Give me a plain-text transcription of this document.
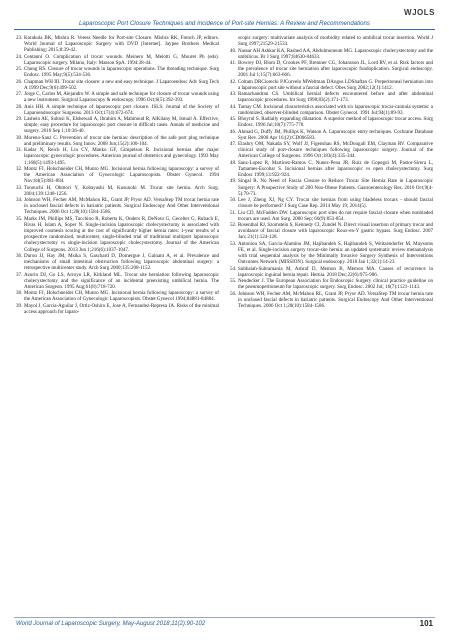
WJOLS
Laparoscopic Port Closure Techniques and Incidence of Port-site Hernias: A Review and Recommendations

23. Kotakula BK, Mishra R. Veress Needle for Port-site Closure. Mishra RK, French JP, editors. World Journal of Laparoscopic Surgery with DVD [Internet]. Jaypee Brothers Medical Publishing; 2015;8:39-42.

24. Centanni O. Complication of trocar wounds. Meinero M, Melotti G, Mouret Ph (eds). Laparoscopic surgery. Milano, Italy: Masson SpA. 1994:38-44.

25. Chung RS. Closure of trocar wounds in laparoscopic operations. The threading technique. Surg Endosc. 1995 May;9(5):534-536.

26. Chapman WH III. Trocar site closure: a new and easy technique. J Laparoendosc Adv Surg Tech A 1999 Dec;9(6):499-502.

27. Jorge C, Carlos M, Alejandro W. A simple and safe technique for closure of trocar wounds using a new instrument. Surgical Laparoscopy & endoscopy. 1996 Oct;6(5):392-393.

28. Anis HH. A simple technique of laparoscopic port closure. JSLS: Journal of the Society of Laparoendoscopic Surgeons. 2013 Oct;17(4):672-674.

29. Lashein AE, Sultosi K, Elshewail A, Ibrahim A, Mahmoud R, AlKilany M, Ismail A. Effective, simple, easy procedure for laparoscopic port closure in difficult cases. Annals of medicine and surgery. 2016 Sep 1;10:36-40.

30. Moreno-Sanz C. Prevention of trocar site hernias: description of the safe port plug technique and preliminary results. Surg Innov. 2008 Jun;15(2):100-104.

31. Kadar N, Reich H, Liu CY, Manko GF, Gimpelson R. Incisional hernias after major laparoscopic gynecologic procedures. American journal of obstetrics and gynecology. 1993 May 1;168(5):1493-1495.

32. Montz FJ, Holschneider CH, Munro MG. Incisional hernia following laparoscopy: a survey of the American Association of Gynecologic Laparoscopists. Obstet Gynecol. 1994 Nov;84(5):881-884.

33. Tonouchi H, Ohmori Y, Kobayashi M, Kusunoki M. Trocar site hernia. Arch Surg. 2004;139:1248-1256.

34. Johnson WH, Fecher AM, McMahon RL, Grant JP, Pryor AD. VersaStep TM trocar hernia rate in unclosed fascial defects in bariatric patients. Surgical Endoscopy And Other Interventional Techniques. 2006 Oct 1;20(10):1584-1586.

35. Marks JM, Phillips MS, Tacchino R, Roberts K, Onders R, DeNoto G, Gecelter G, Rubach E, Rivas H, Islam A, Soper N. Single-incision laparoscopic cholecystectomy is associated with improved cosmesis scoring at the cost of significantly higher hernia rates: 1-year results of a prospective randomized, multicenter, single-blinded trial of traditional multiport laparoscopic cholecystectomy vs single-incision laparoscopic cholecystectomy. Journal of the American College of Surgeons. 2013 Jun 1;216(6):1037-1047.

36. Duron JJ, Hay JM, Msika S, Gaschard D, Domergue J, Gainant A, et al. Prevalence and mechanisms of small intestinal obstruction following laparoscopic abdominal surgery: a retrospective multicenter study. Arch Surg 2000;135:208-1152.

37. Azurin DJ, Go LS, Arroyo LR, Kirkland ML. Trocar site herniation following laparoscopic cholecystectomy and the significance of an incidental preexisting umbilical hernia. The American Surgeon. 1995 Aug;61(8):718-720.

38. Montz FJ, Holschneider CH, Munro MG. Incisional hernia following laparoscopy: a survey of the American Association of Gynecologic Laparoscopists. Obstet Gynecol 1994;84881-84884.

39. Mayol J, Garcia-Aguilar J, Ortiz-Oshiro E, Jose A, Fernandez-Represa JA. Risks of the minimal access approach for laparo-

scopic surgery: multivariate analysis of morbidity related to umbilical trocar insertion. World J Surg 1997;21529-21533.

40. Nassar AH Ashkar KA, Rashed AA, Abdulmoneum MG. Laparoscopic cholecystectomy and the umbilicus. Br J Surg 1997;84630-84633.

41. Bowrey DJ, Blom D, Crookes PF, Bremner CG, Johansson JL, Lord RV, et al. Risk factors and the prevalence of trocar site herniation after laparoscopic fundoplication. Surgical endoscopy. 2001 Jul 1;15(7):663-666.

42. Coltam DRCiorecki PJCurvelo MWeltman DAngus LDShaftan G. Preperitoneal herniation into a laparoscopic port site without a fascial defect. Obes Surg 2002;12(1):1412.

43. Ramachandran CS. Umbilical hernial defects encountered before and after abdominal laparoscopic procedures. Int Surg 1998;83(2):171-173.

44. Tamay CM. Incisional characteristics associated with six laparoscopic trocar-cannula systems: a randomized, observer-blinded comparison. Obstet Gynecol. 1991 Jul;94(1):89-93.

45. Bhoyrul S. Radially expanding dilatation. A superior method of laparoscopic trocar access. Surg Endosc. 1996 Jul;10(7):775-778.

46. Ahmad G, Duffy JM, Phillips K, Watson A. Laparoscopic entry techniques. Cochrane Database Syst Rev. 2008 Apr 16;(2):CD006583.

47. Elashry OM, Nakada SY, Wolf JJ, Figenshau RS, McDougall EM, Clayman RV. Comparative clinical study of port-closure techniques following laparoscopic surgery. Journal of the American College of Surgeons. 1996 Oct;183(4):335-344.

48. Sanz-Lopez R, Martinez-Ramos C, Nunez-Pena JR, Ruiz de Gopegui M, Pastor-Sirera L, Tamames-Escobar S. Incisional hernias after laparoscopic vs open cholecystectomy. Surg Endosc 1999;13:922-924.

49. Singal R. No Need of Fascia Closure to Reduce Trocar Site Hernia Rate in Laparoscopic Surgery: A Prospective Study of 200 Non-Obese Patients. Gastroenterology Res. 2016 Oct;9(4-5):70-73.

50. Lee J, Zheng XJ, Ng CY. Trocar site hernias from using bladeless trocars - should fascial closure be performed? J Surg Case Rep. 2014 May 19; 2014(5).

51. Liu CD, McFadden DW. Laparoscopic port sites do not require fascial closure when nonbladed trocars are used. Am Surg. 2000 Sep; 66(9):853-854.

52. Rosenthal RJ, Szomstein S, Kennedy CI, Zundel N. Direct visual insertion of primary trocar and avoidance of fascial closure with laparoscopic Roux-en-Y gastric bypass. Surg Endosc. 2007 Jan; 21(1):124-128.

53. Antoniou SA, Garcia-Alamino JM, Hajibandeh S, Hajibandeh S, Weitzendorfer M, Muysoms FE, et al. Single-incision surgery trocar-site hernia: an updated systematic review metaanalysis with trial sequential analysis by the Minimally Invasive Surgery Synthesis of Interventions Outcomes Network (MISSION). Surgical endoscopy. 2018 Jan 1;32(1):14-23.

54. Subbaiah-Subramania M, Ashraf D, Memon B, Memon MA. Causes of recurrence in laparoscopic inguinal hernia repair. Hernia. 2018 Dec;22(6):975-986.

55. Neudecker J. The European Association for Endoscopic Surgery clinical practice guideline on the pneumoperitoneum for laparoscopic surgery. Surg Endosc. 2002 Jul; 16(7):1121-1143.

56. Johnson WH, Fecher AM, McMahon RL, Grant JP, Pryor AD. VersaStep TM trocar hernia rate in unclosed fascial defects in bariatric patients. Surgical Endoscopy And Other Interventional Techniques. 2006 Oct 1;20(10):1584-1586.

World Journal of Laparoscopic Surgery, May-August 2018;11(2):90-102	101
